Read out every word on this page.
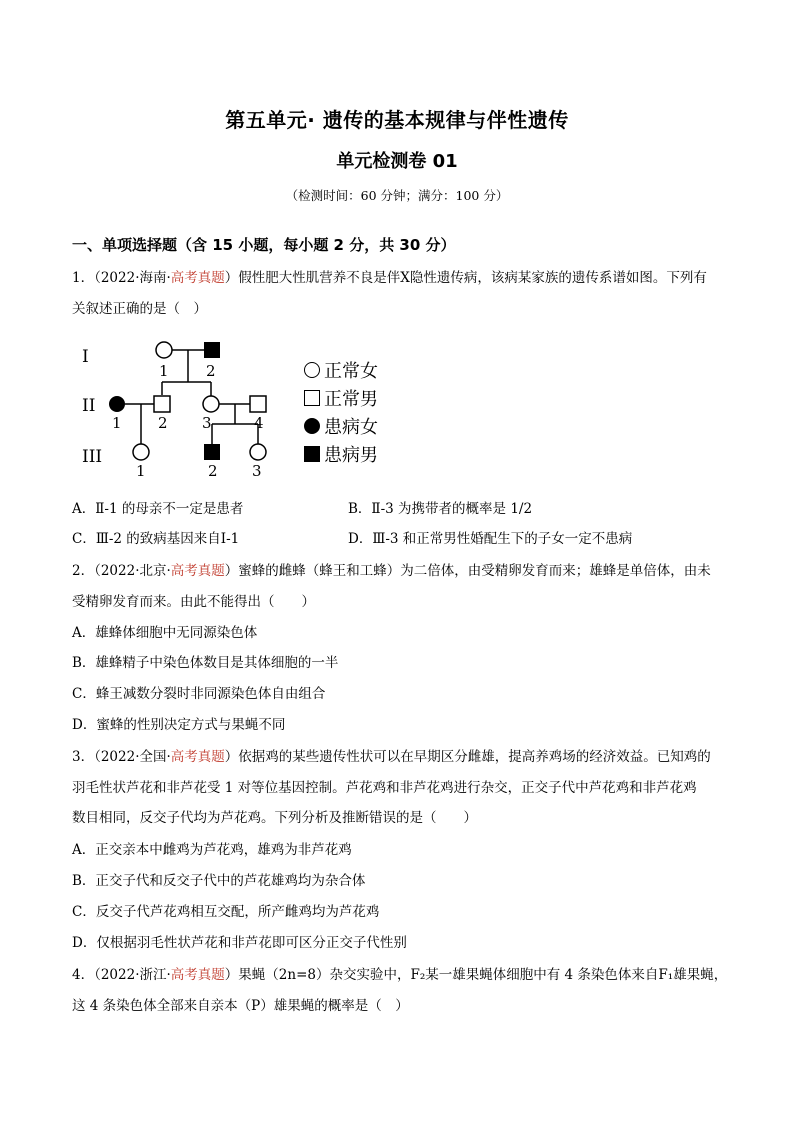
第五单元· 遗传的基本规律与伴性遗传
单元检测卷 01
（检测时间：60 分钟；满分：100 分）
一、单项选择题（含 15 小题，每小题 2 分，共 30 分）
1．（2022·海南·高考真题）假性肥大性肌营养不良是伴X隐性遗传病，该病某家族的遗传系谱如图。下列有
关叙述正确的是（　）
I
II
III
1 2
1 2 3	4
1	2 3
正常女
正常男
患病女
患病男
A．Ⅱ-1 的母亲不一定是患者	B．Ⅱ-3 为携带者的概率是 1/2
C．Ⅲ-2 的致病基因来自Ⅰ-1	D．Ⅲ-3 和正常男性婚配生下的子女一定不患病
2．（2022·北京·高考真题）蜜蜂的雌蜂（蜂王和工蜂）为二倍体，由受精卵发育而来；雄蜂是单倍体，由未
受精卵发育而来。由此不能得出（　　）
A．雄蜂体细胞中无同源染色体
B．雄蜂精子中染色体数目是其体细胞的一半
C．蜂王减数分裂时非同源染色体自由组合
D．蜜蜂的性别决定方式与果蝇不同
3．（2022·全国·高考真题）依据鸡的某些遗传性状可以在早期区分雌雄，提高养鸡场的经济效益。已知鸡的
羽毛性状芦花和非芦花受 1 对等位基因控制。芦花鸡和非芦花鸡进行杂交，正交子代中芦花鸡和非芦花鸡
数目相同，反交子代均为芦花鸡。下列分析及推断错误的是（　　）
A．正交亲本中雌鸡为芦花鸡，雄鸡为非芦花鸡
B．正交子代和反交子代中的芦花雄鸡均为杂合体
C．反交子代芦花鸡相互交配，所产雌鸡均为芦花鸡
D．仅根据羽毛性状芦花和非芦花即可区分正交子代性别
4．（2022·浙江·高考真题）果蝇（2n=8）杂交实验中，F₂某一雄果蝇体细胞中有 4 条染色体来自F₁雄果蝇，
这 4 条染色体全部来自亲本（P）雄果蝇的概率是（　）
